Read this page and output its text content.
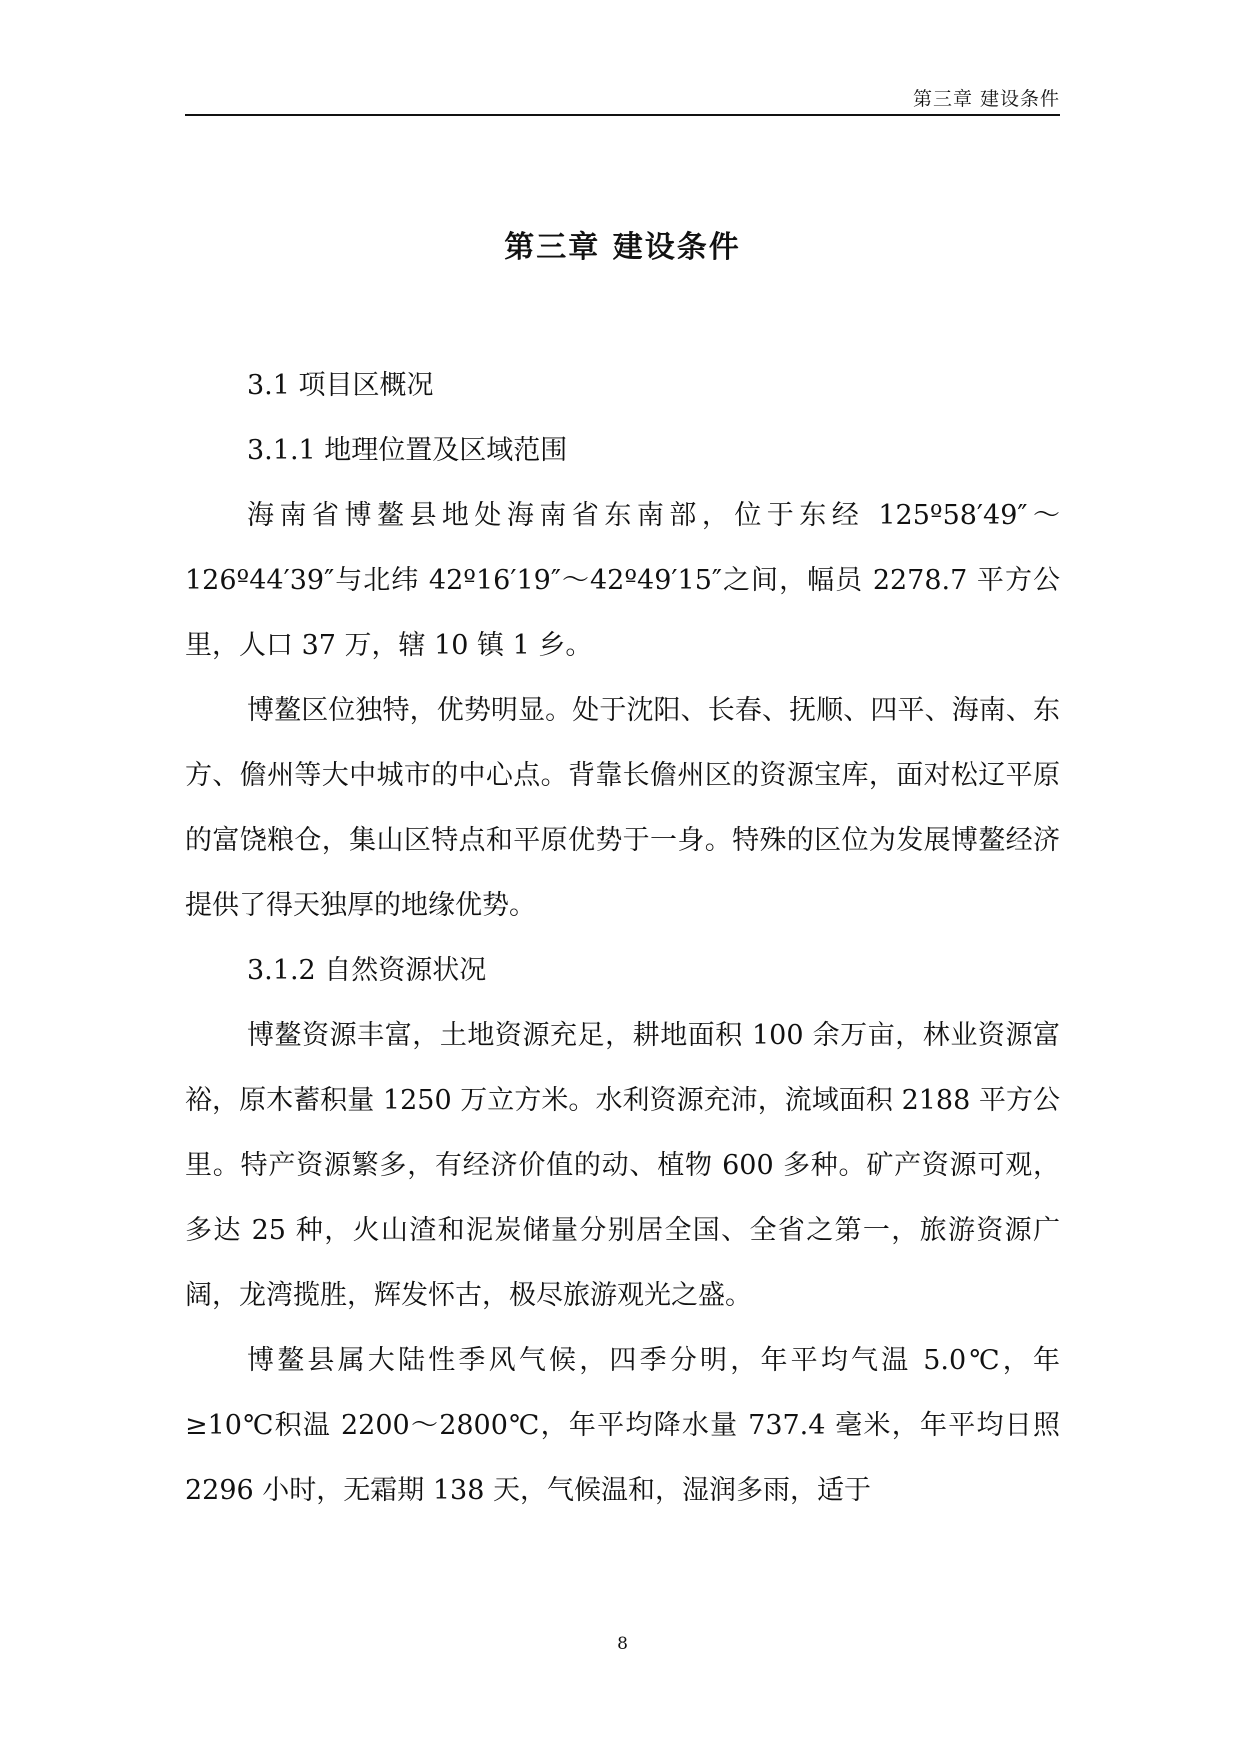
第三章 建设条件
第三章 建设条件

3.1 项目区概况

3.1.1 地理位置及区域范围

海南省博鳌县地处海南省东南部，位于东经 125º58′49″～126º44′39″与北纬 42º16′19″～42º49′15″之间，幅员 2278.7 平方公里，人口 37 万，辖 10 镇 1 乡。

博鳌区位独特，优势明显。处于沈阳、长春、抚顺、四平、海南、东方、儋州等大中城市的中心点。背靠长儋州区的资源宝库，面对松辽平原的富饶粮仓，集山区特点和平原优势于一身。特殊的区位为发展博鳌经济提供了得天独厚的地缘优势。

3.1.2 自然资源状况

博鳌资源丰富，土地资源充足，耕地面积 100 余万亩，林业资源富裕，原木蓄积量 1250 万立方米。水利资源充沛，流域面积 2188 平方公里。特产资源繁多，有经济价值的动、植物 600 多种。矿产资源可观，多达 25 种，火山渣和泥炭储量分别居全国、全省之第一，旅游资源广阔，龙湾揽胜，辉发怀古，极尽旅游观光之盛。

博鳌县属大陆性季风气候，四季分明，年平均气温 5.0℃，年≥10℃积温 2200～2800℃，年平均降水量 737.4 毫米，年平均日照 2296 小时，无霜期 138 天，气候温和，湿润多雨，适于

8
